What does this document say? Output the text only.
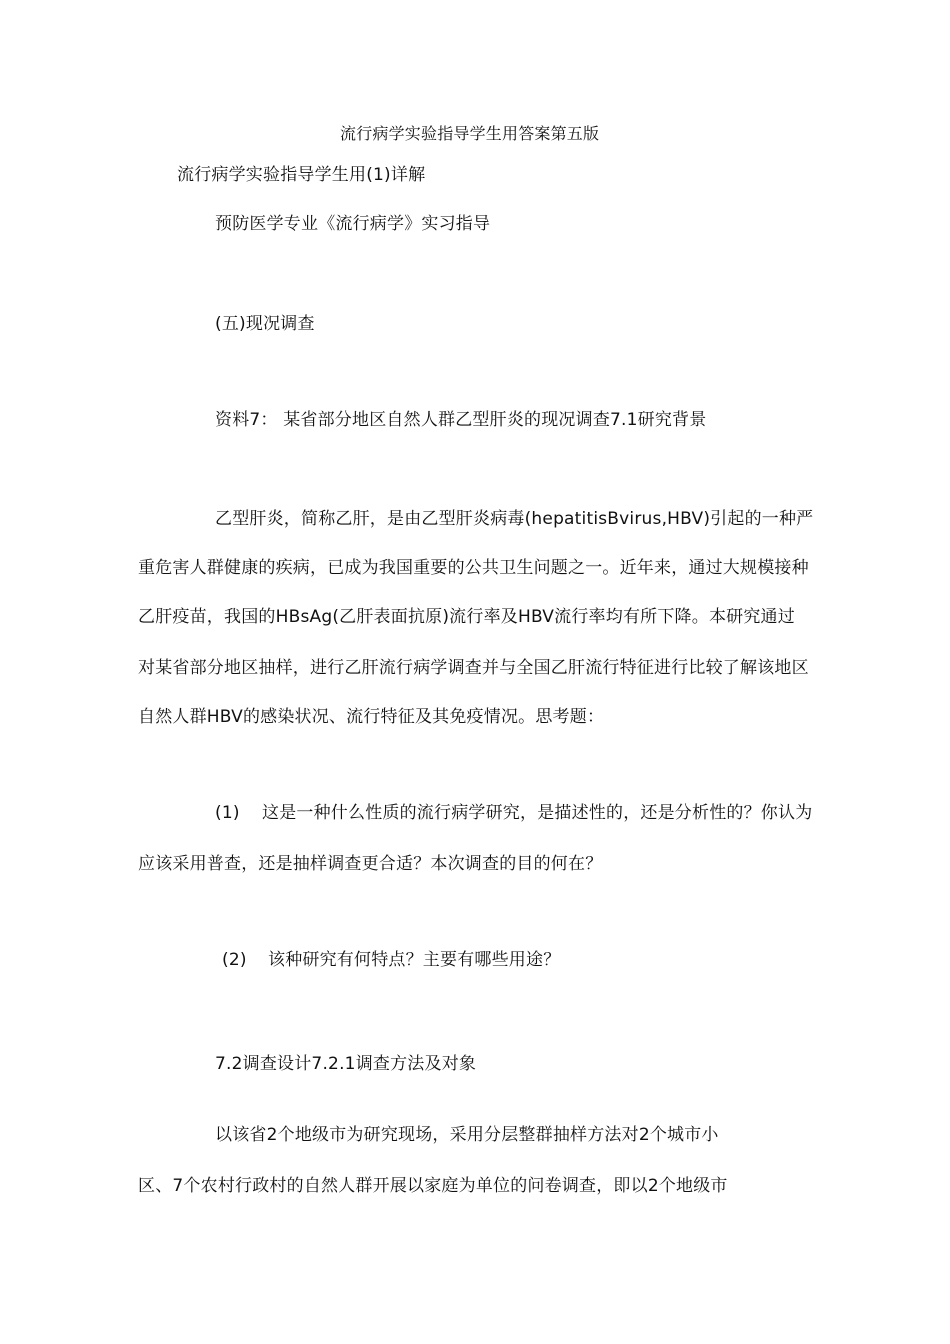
流行病学实验指导学生用答案第五版
流行病学实验指导学生用(1)详解
预防医学专业《流行病学》实习指导
(五)现况调查
资料7： 某省部分地区自然人群乙型肝炎的现况调查7.1研究背景
乙型肝炎，简称乙肝，是由乙型肝炎病毒(hepatitisBvirus,HBV)引起的一种严
重危害人群健康的疾病，已成为我国重要的公共卫生问题之一。近年来，通过大规模接种
乙肝疫苗，我国的HBsAg(乙肝表面抗原)流行率及HBV流行率均有所下降。本研究通过
对某省部分地区抽样，进行乙肝流行病学调查并与全国乙肝流行特征进行比较了解该地区
自然人群HBV的感染状况、流行特征及其免疫情况。思考题：
(1) 这是一种什么性质的流行病学研究，是描述性的，还是分析性的？你认为
应该采用普查，还是抽样调查更合适？本次调查的目的何在？
(2) 该种研究有何特点？主要有哪些用途？
7.2调查设计7.2.1调查方法及对象
以该省2个地级市为研究现场，采用分层整群抽样方法对2个城市小
区、7个农村行政村的自然人群开展以家庭为单位的问卷调查，即以2个地级市
